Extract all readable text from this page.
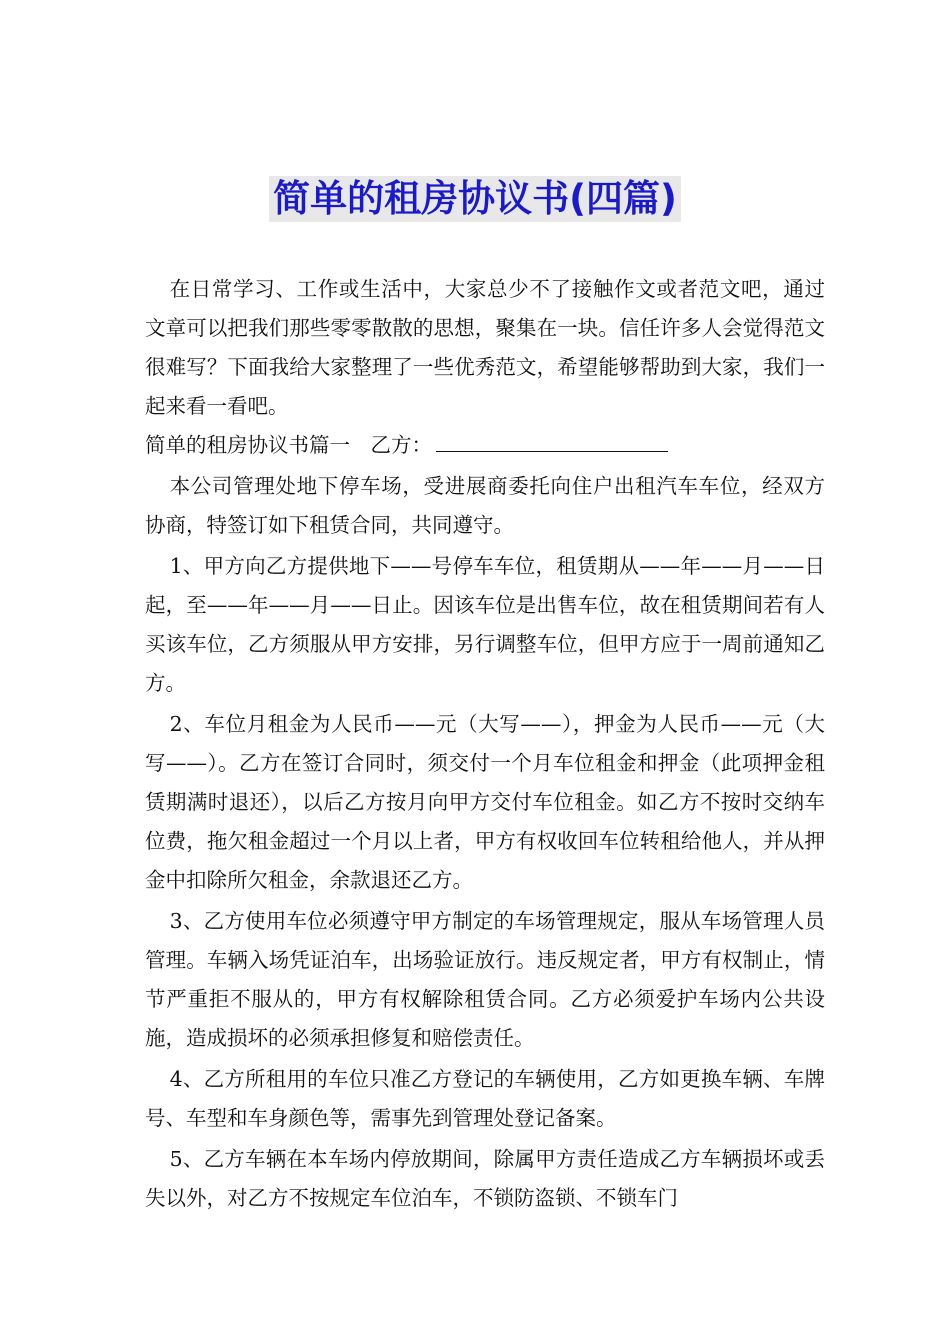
简单的租房协议书(四篇)

在日常学习、工作或生活中，大家总少不了接触作文或者范文吧，通过文章可以把我们那些零零散散的思想，聚集在一块。信任许多人会觉得范文很难写？下面我给大家整理了一些优秀范文，希望能够帮助到大家，我们一起来看一看吧。

简单的租房协议书篇一  乙方：

本公司管理处地下停车场，受进展商委托向住户出租汽车车位，经双方协商，特签订如下租赁合同，共同遵守。

1、甲方向乙方提供地下——号停车车位，租赁期从——年——月——日起，至——年——月——日止。因该车位是出售车位，故在租赁期间若有人买该车位，乙方须服从甲方安排，另行调整车位，但甲方应于一周前通知乙方。

2、车位月租金为人民币——元（大写——），押金为人民币——元（大写——）。乙方在签订合同时，须交付一个月车位租金和押金（此项押金租赁期满时退还），以后乙方按月向甲方交付车位租金。如乙方不按时交纳车位费，拖欠租金超过一个月以上者，甲方有权收回车位转租给他人，并从押金中扣除所欠租金，余款退还乙方。

3、乙方使用车位必须遵守甲方制定的车场管理规定，服从车场管理人员管理。车辆入场凭证泊车，出场验证放行。违反规定者，甲方有权制止，情节严重拒不服从的，甲方有权解除租赁合同。乙方必须爱护车场内公共设施，造成损坏的必须承担修复和赔偿责任。

4、乙方所租用的车位只准乙方登记的车辆使用，乙方如更换车辆、车牌号、车型和车身颜色等，需事先到管理处登记备案。

5、乙方车辆在本车场内停放期间，除属甲方责任造成乙方车辆损坏或丢失以外，对乙方不按规定车位泊车，不锁防盗锁、不锁车门
